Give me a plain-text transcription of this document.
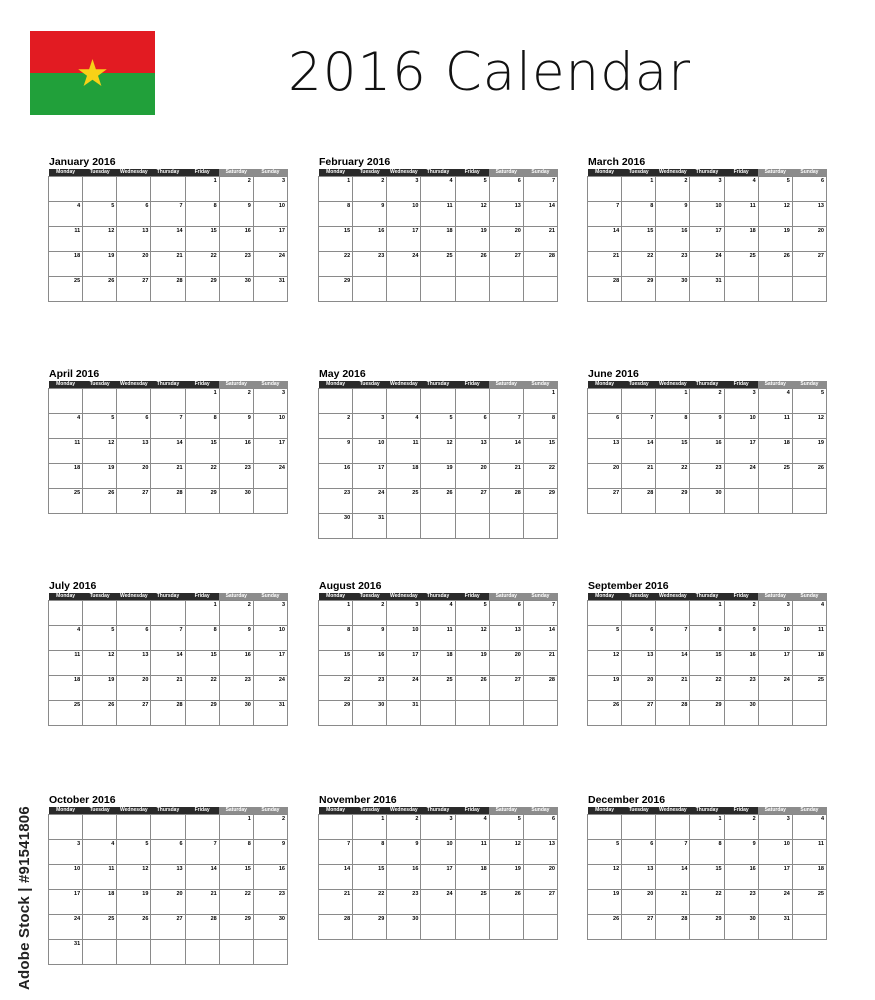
2016 Calendar
January 2016
Monday	Tuesday	Wednesday	Thursday	Friday	Saturday	Sunday
				1	2	3
4	5	6	7	8	9	10
11	12	13	14	15	16	17
18	19	20	21	22	23	24
25	26	27	28	29	30	31
February 2016
Monday	Tuesday	Wednesday	Thursday	Friday	Saturday	Sunday
1	2	3	4	5	6	7
8	9	10	11	12	13	14
15	16	17	18	19	20	21
22	23	24	25	26	27	28
29						
March 2016
Monday	Tuesday	Wednesday	Thursday	Friday	Saturday	Sunday
	1	2	3	4	5	6
7	8	9	10	11	12	13
14	15	16	17	18	19	20
21	22	23	24	25	26	27
28	29	30	31			
April 2016
Monday	Tuesday	Wednesday	Thursday	Friday	Saturday	Sunday
				1	2	3
4	5	6	7	8	9	10
11	12	13	14	15	16	17
18	19	20	21	22	23	24
25	26	27	28	29	30	
May 2016
Monday	Tuesday	Wednesday	Thursday	Friday	Saturday	Sunday
						1
2	3	4	5	6	7	8
9	10	11	12	13	14	15
16	17	18	19	20	21	22
23	24	25	26	27	28	29
30	31					
June 2016
Monday	Tuesday	Wednesday	Thursday	Friday	Saturday	Sunday
		1	2	3	4	5
6	7	8	9	10	11	12
13	14	15	16	17	18	19
20	21	22	23	24	25	26
27	28	29	30			
July 2016
Monday	Tuesday	Wednesday	Thursday	Friday	Saturday	Sunday
				1	2	3
4	5	6	7	8	9	10
11	12	13	14	15	16	17
18	19	20	21	22	23	24
25	26	27	28	29	30	31
August 2016
Monday	Tuesday	Wednesday	Thursday	Friday	Saturday	Sunday
1	2	3	4	5	6	7
8	9	10	11	12	13	14
15	16	17	18	19	20	21
22	23	24	25	26	27	28
29	30	31				
September 2016
Monday	Tuesday	Wednesday	Thursday	Friday	Saturday	Sunday
			1	2	3	4
5	6	7	8	9	10	11
12	13	14	15	16	17	18
19	20	21	22	23	24	25
26	27	28	29	30		
October 2016
Monday	Tuesday	Wednesday	Thursday	Friday	Saturday	Sunday
					1	2
3	4	5	6	7	8	9
10	11	12	13	14	15	16
17	18	19	20	21	22	23
24	25	26	27	28	29	30
31						
November 2016
Monday	Tuesday	Wednesday	Thursday	Friday	Saturday	Sunday
	1	2	3	4	5	6
7	8	9	10	11	12	13
14	15	16	17	18	19	20
21	22	23	24	25	26	27
28	29	30				
December 2016
Monday	Tuesday	Wednesday	Thursday	Friday	Saturday	Sunday
			1	2	3	4
5	6	7	8	9	10	11
12	13	14	15	16	17	18
19	20	21	22	23	24	25
26	27	28	29	30	31	
Adobe Stock | #91541806
